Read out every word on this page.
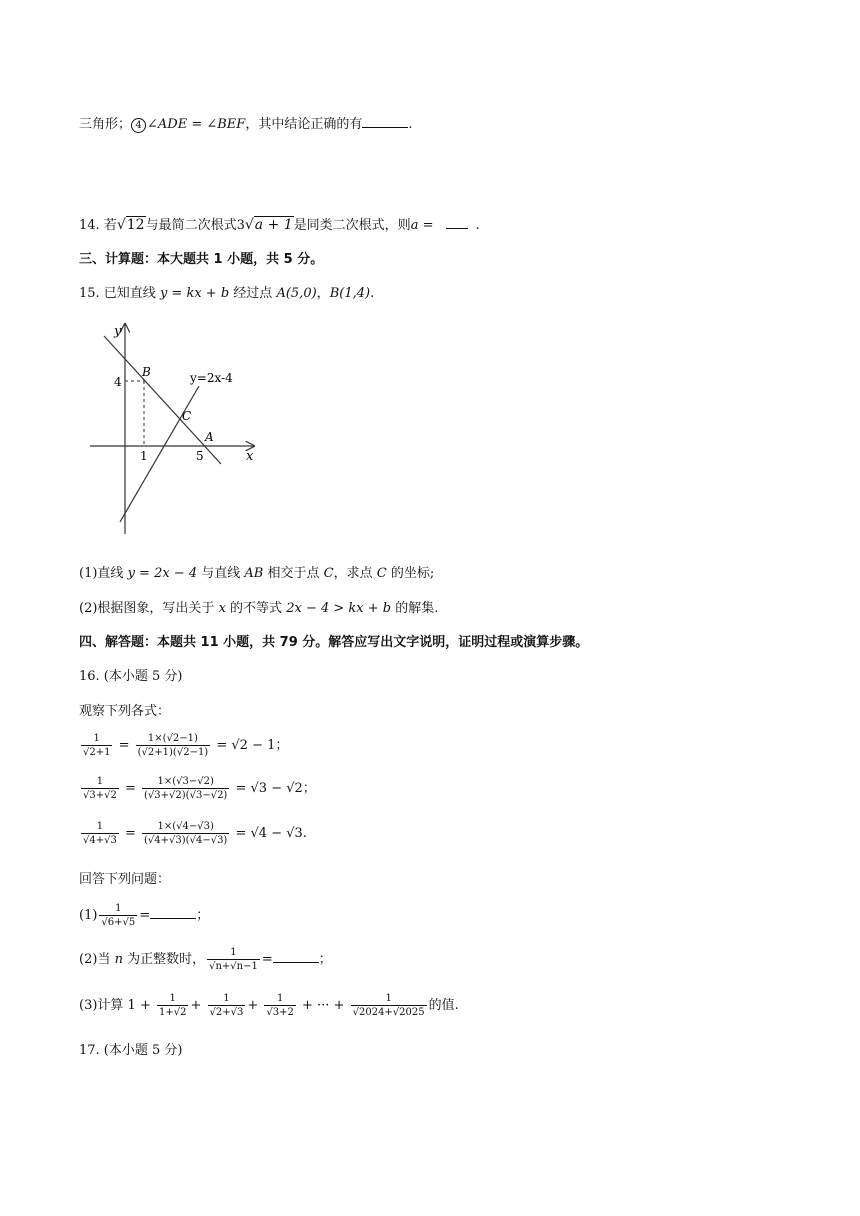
三角形； 4 ∠ADE = ∠BEF，其中结论正确的有	.
14. 若√12与最简二次根式3√a + 1是同类二次根式，则a =	.
三、计算题：本大题共 1 小题，共 5 分。
15. 已知直线 y = kx + b 经过点 A(5,0)，B(1,4).
y
x
4
1	5
B
C
A
y=2x-4
(1)直线 y = 2x − 4 与直线 AB 相交于点 C，求点 C 的坐标;
(2)根据图象，写出关于 x 的不等式 2x − 4 > kx + b 的解集.
四、解答题：本题共 11 小题，共 79 分。解答应写出文字说明，证明过程或演算步骤。
16. (本小题 5 分)
观察下列各式：
$\frac{1}{√2+1} = \frac{1\times(√2-1)}{(√2+1)(√2-1)} = √2 - 1$；
$\frac{1}{√3+√2} = \frac{1\times(√3-√2)}{(√3+√2)(√3-√2)} = √3 - √2$；
$\frac{1}{√4+√3} = \frac{1\times(√4-√3)}{(√4+√3)(√4-√3)} = √4 - √3$.
回答下列问题：
$(1) \frac{1}{√6+√5}$ =	；
(2)当 n 为正整数时， $\frac{1}{√n+√n-1}$ =	；
(3)计算 $1 + \frac{1}{1+√2} + \frac{1}{√2+√3} + \frac{1}{√3+2}$ + ··· + $\frac{1}{√2024+√2025}$ 的值.
17. (本小题 5 分)
